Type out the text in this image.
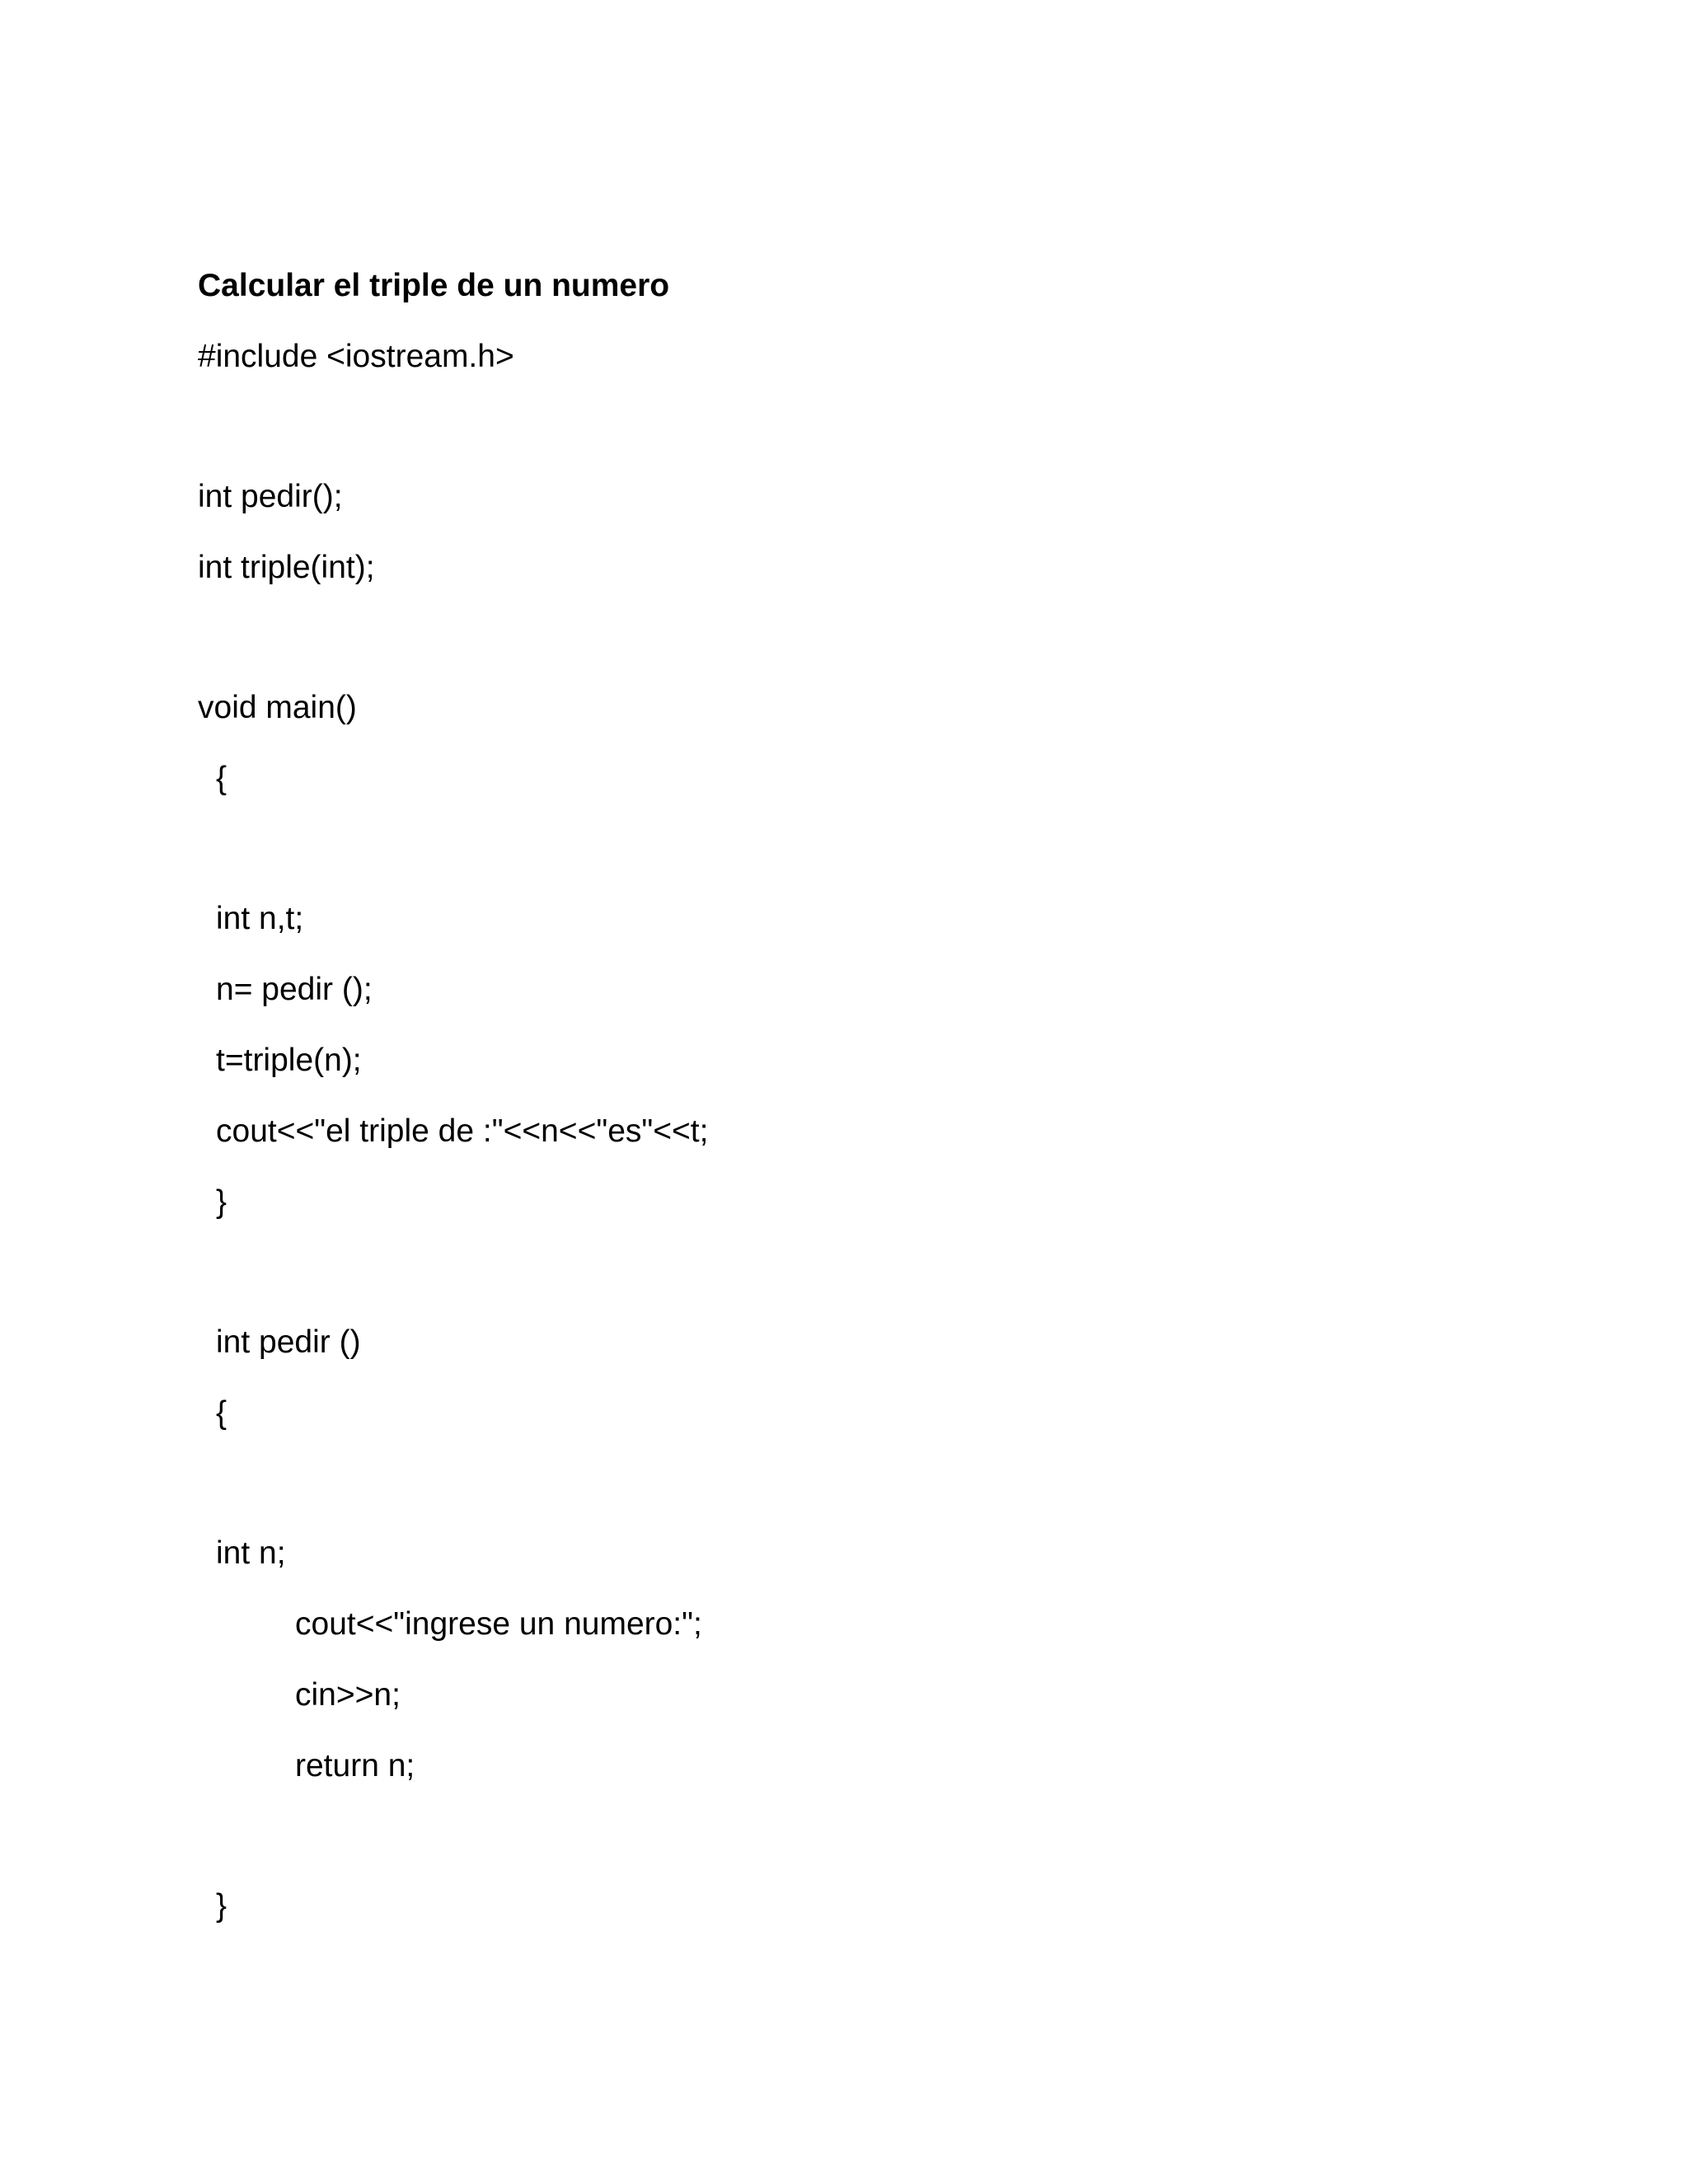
Calcular el triple de un numero
#include <iostream.h>
int pedir();
int triple(int);
void main()
{
int n,t;
n= pedir ();
t=triple(n);
cout<<"el triple de :"<<n<<"es"<<t;
}
int pedir ()
{
int n;
cout<<"ingrese un numero:";
cin>>n;
return n;
}
